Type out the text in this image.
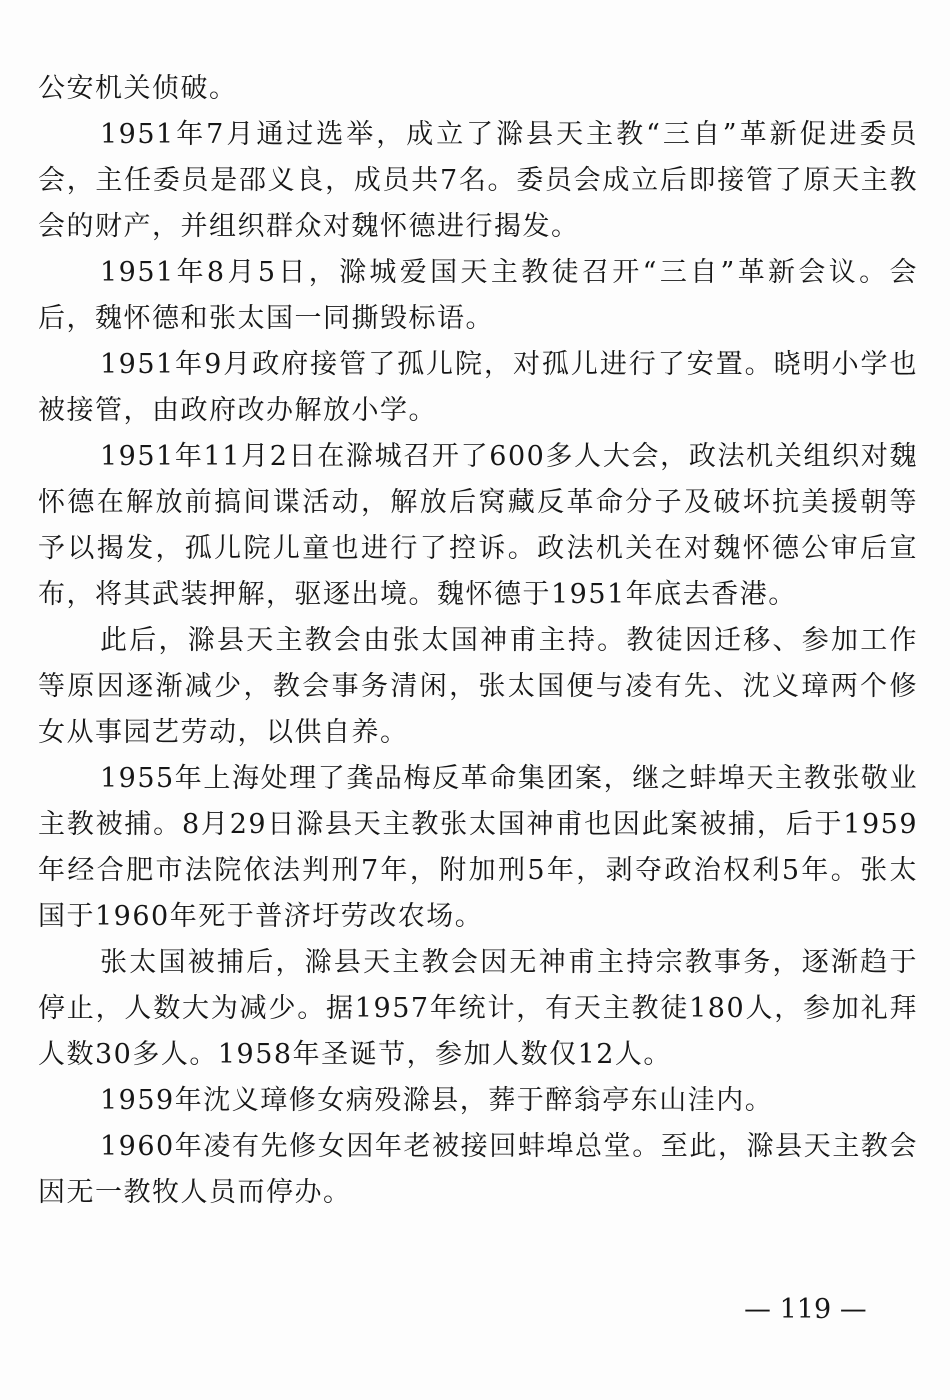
公安机关侦破。

1951年7月通过选举，成立了滁县天主教“三自”革新促进委员会，主任委员是邵义良，成员共7名。委员会成立后即接管了原天主教会的财产，并组织群众对魏怀德进行揭发。

1951年8月5日，滁城爱国天主教徒召开“三自”革新会议。会后，魏怀德和张太国一同撕毁标语。

1951年9月政府接管了孤儿院，对孤儿进行了安置。晓明小学也被接管，由政府改办解放小学。

1951年11月2日在滁城召开了600多人大会，政法机关组织对魏怀德在解放前搞间谍活动，解放后窝藏反革命分子及破坏抗美援朝等予以揭发，孤儿院儿童也进行了控诉。政法机关在对魏怀德公审后宣布，将其武装押解，驱逐出境。魏怀德于1951年底去香港。

此后，滁县天主教会由张太国神甫主持。教徒因迁移、参加工作等原因逐渐减少，教会事务清闲，张太国便与凌有先、沈义璋两个修女从事园艺劳动，以供自养。

1955年上海处理了龚品梅反革命集团案，继之蚌埠天主教张敬业主教被捕。8月29日滁县天主教张太国神甫也因此案被捕，后于1959年经合肥市法院依法判刑7年，附加刑5年，剥夺政治权利5年。张太国于1960年死于普济圩劳改农场。

张太国被捕后，滁县天主教会因无神甫主持宗教事务，逐渐趋于停止，人数大为减少。据1957年统计，有天主教徒180人，参加礼拜人数30多人。1958年圣诞节，参加人数仅12人。

1959年沈义璋修女病殁滁县，葬于醉翁亭东山洼内。

1960年凌有先修女因年老被接回蚌埠总堂。至此，滁县天主教会因无一教牧人员而停办。

— 119 —
